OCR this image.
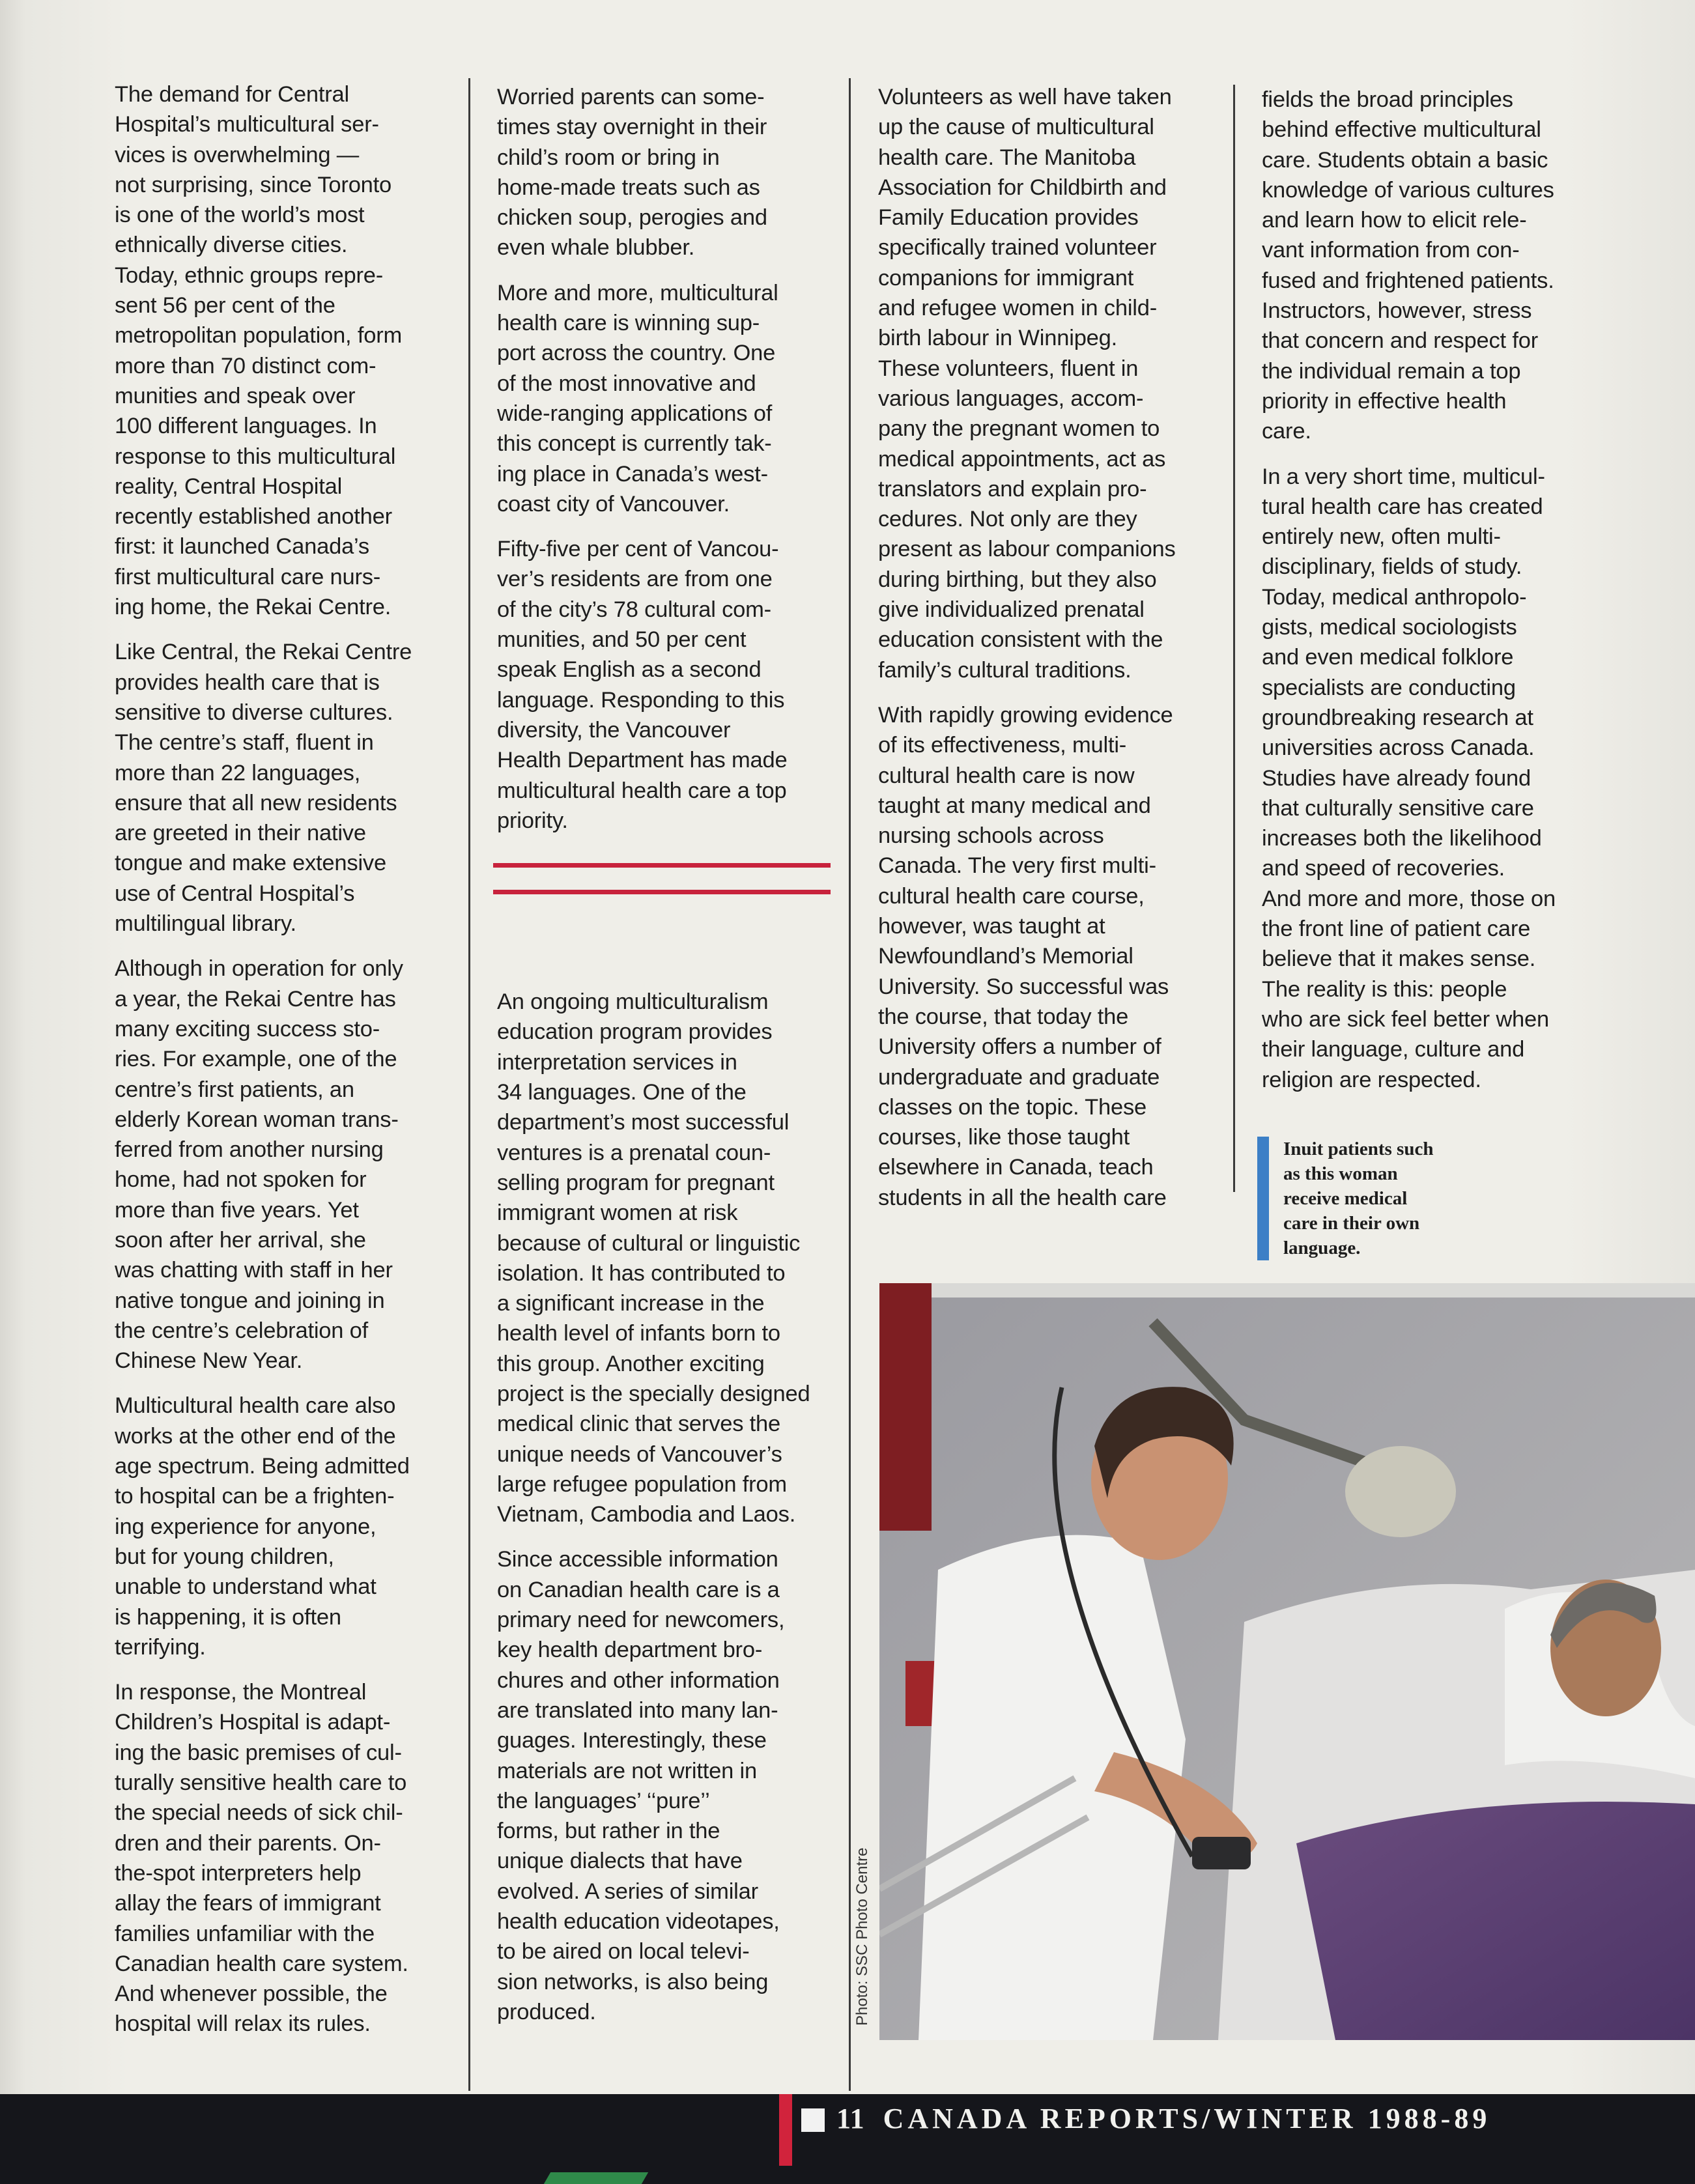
The demand for Central
Hospital’s multicultural ser-
vices is overwhelming —
not surprising, since Toronto
is one of the world’s most
ethnically diverse cities.
Today, ethnic groups repre-
sent 56 per cent of the
metropolitan population, form
more than 70 distinct com-
munities and speak over
100 different languages. In
response to this multicultural
reality, Central Hospital
recently established another
first: it launched Canada’s
first multicultural care nurs-
ing home, the Rekai Centre.

Like Central, the Rekai Centre
provides health care that is
sensitive to diverse cultures.
The centre’s staff, fluent in
more than 22 languages,
ensure that all new residents
are greeted in their native
tongue and make extensive
use of Central Hospital’s
multilingual library.

Although in operation for only
a year, the Rekai Centre has
many exciting success sto-
ries. For example, one of the
centre’s first patients, an
elderly Korean woman trans-
ferred from another nursing
home, had not spoken for
more than five years. Yet
soon after her arrival, she
was chatting with staff in her
native tongue and joining in
the centre’s celebration of
Chinese New Year.

Multicultural health care also
works at the other end of the
age spectrum. Being admitted
to hospital can be a frighten-
ing experience for anyone,
but for young children,
unable to understand what
is happening, it is often
terrifying.

In response, the Montreal
Children’s Hospital is adapt-
ing the basic premises of cul-
turally sensitive health care to
the special needs of sick chil-
dren and their parents. On-
the-spot interpreters help
allay the fears of immigrant
families unfamiliar with the
Canadian health care system.
And whenever possible, the
hospital will relax its rules.

Worried parents can some-
times stay overnight in their
child’s room or bring in
home-made treats such as
chicken soup, perogies and
even whale blubber.

More and more, multicultural
health care is winning sup-
port across the country. One
of the most innovative and
wide-ranging applications of
this concept is currently tak-
ing place in Canada’s west-
coast city of Vancouver.

Fifty-five per cent of Vancou-
ver’s residents are from one
of the city’s 78 cultural com-
munities, and 50 per cent
speak English as a second
language. Responding to this
diversity, the Vancouver
Health Department has made
multicultural health care a top
priority.

An ongoing multiculturalism
education program provides
interpretation services in
34 languages. One of the
department’s most successful
ventures is a prenatal coun-
selling program for pregnant
immigrant women at risk
because of cultural or linguistic
isolation. It has contributed to
a significant increase in the
health level of infants born to
this group. Another exciting
project is the specially designed
medical clinic that serves the
unique needs of Vancouver’s
large refugee population from
Vietnam, Cambodia and Laos.

Since accessible information
on Canadian health care is a
primary need for newcomers,
key health department bro-
chures and other information
are translated into many lan-
guages. Interestingly, these
materials are not written in
the languages’ ‘‘pure’’
forms, but rather in the
unique dialects that have
evolved. A series of similar
health education videotapes,
to be aired on local televi-
sion networks, is also being
produced.

Volunteers as well have taken
up the cause of multicultural
health care. The Manitoba
Association for Childbirth and
Family Education provides
specifically trained volunteer
companions for immigrant
and refugee women in child-
birth labour in Winnipeg.
These volunteers, fluent in
various languages, accom-
pany the pregnant women to
medical appointments, act as
translators and explain pro-
cedures. Not only are they
present as labour companions
during birthing, but they also
give individualized prenatal
education consistent with the
family’s cultural traditions.

With rapidly growing evidence
of its effectiveness, multi-
cultural health care is now
taught at many medical and
nursing schools across
Canada. The very first multi-
cultural health care course,
however, was taught at
Newfoundland’s Memorial
University. So successful was
the course, that today the
University offers a number of
undergraduate and graduate
classes on the topic. These
courses, like those taught
elsewhere in Canada, teach
students in all the health care

fields the broad principles
behind effective multicultural
care. Students obtain a basic
knowledge of various cultures
and learn how to elicit rele-
vant information from con-
fused and frightened patients.
Instructors, however, stress
that concern and respect for
the individual remain a top
priority in effective health
care.

In a very short time, multicul-
tural health care has created
entirely new, often multi-
disciplinary, fields of study.
Today, medical anthropolo-
gists, medical sociologists
and even medical folklore
specialists are conducting
groundbreaking research at
universities across Canada.
Studies have already found
that culturally sensitive care
increases both the likelihood
and speed of recoveries.
And more and more, those on
the front line of patient care
believe that it makes sense.
The reality is this: people
who are sick feel better when
their language, culture and
religion are respected.

Inuit patients such
as this woman
receive medical
care in their own
language.
Photo: SSC Photo Centre
11 CANADA REPORTS/WINTER 1988-89
